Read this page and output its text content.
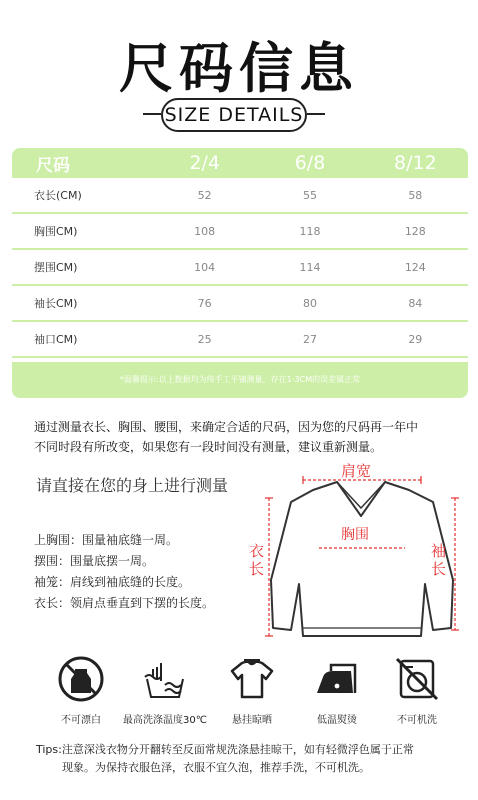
尺码信息
SIZE DETAILS
尺码	2/4	6/8	8/12
衣长(CM)	52	55	58
胸围CM)	108	118	128
摆围CM)	104	114	124
袖长CM)	76	80	84
袖口CM)	25	27	29
*温馨提示:以上数据均为纯手工平铺测量，存在1-3CM的误差属正常
通过测量衣长、胸围、腰围，来确定合适的尺码，因为您的尺码再一年中
不同时段有所改变，如果您有一段时间没有测量，建议重新测量。
请直接在您的身上进行测量
上胸围：围量袖底缝一周。
摆围：围量底摆一周。
袖笼：肩线到袖底缝的长度。
衣长：领肩点垂直到下摆的长度。
肩宽
胸围
衣
长
袖
长
不可漂白	最高洗涤温度30℃	悬挂晾晒	低温熨烫	不可机洗
Tips:注意深浅衣物分开翻转至反面常规洗涤悬挂晾干，如有轻微浮色属于正常
现象。为保持衣服色泽，衣服不宜久泡，推荐手洗，不可机洗。
